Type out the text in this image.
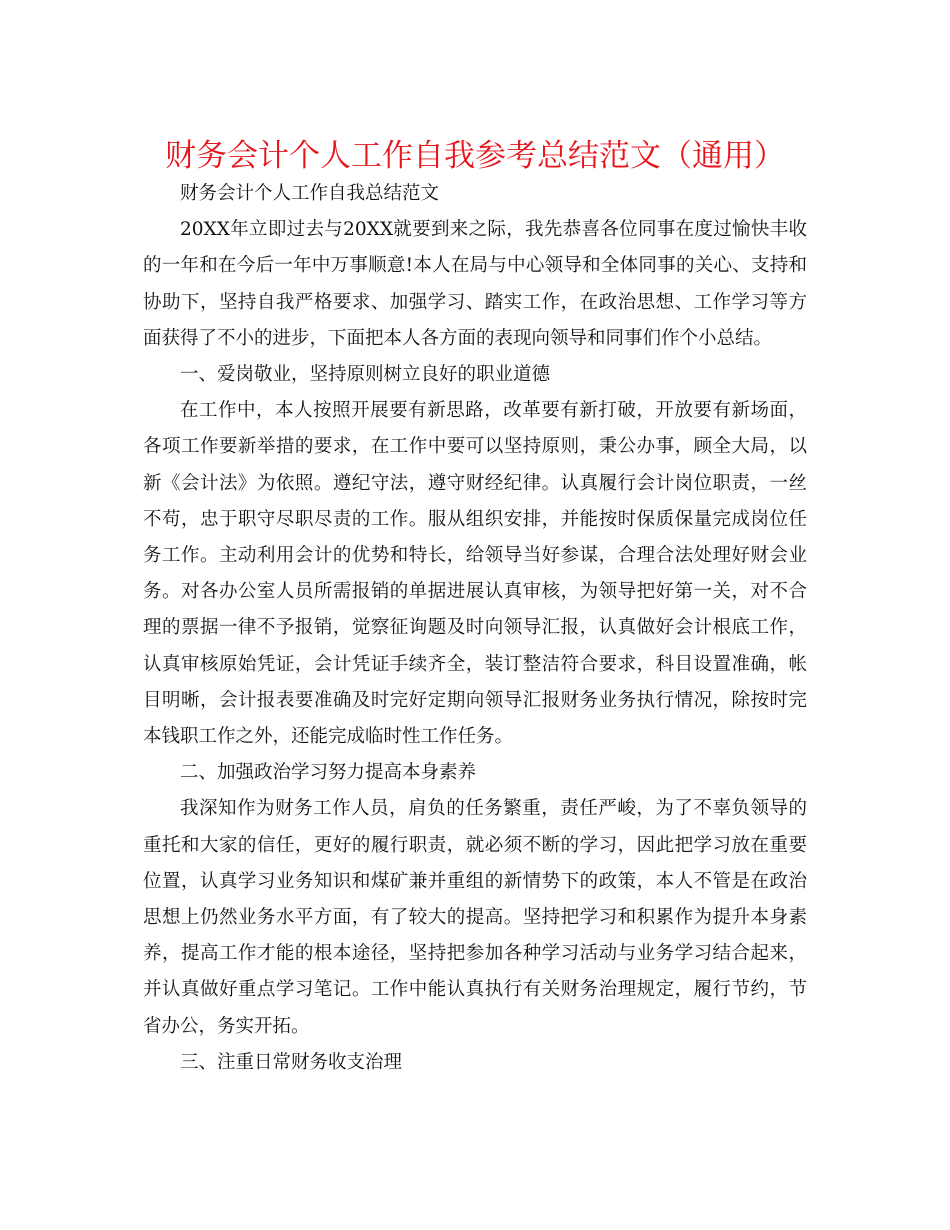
财务会计个人工作自我参考总结范文（通用）

财务会计个人工作自我总结范文

20XX年立即过去与20XX就要到来之际，我先恭喜各位同事在度过愉快丰收的一年和在今后一年中万事顺意!本人在局与中心领导和全体同事的关心、支持和协助下，坚持自我严格要求、加强学习、踏实工作，在政治思想、工作学习等方面获得了不小的进步，下面把本人各方面的表现向领导和同事们作个小总结。

一、爱岗敬业，坚持原则树立良好的职业道德

在工作中，本人按照开展要有新思路，改革要有新打破，开放要有新场面，各项工作要新举措的要求，在工作中要可以坚持原则，秉公办事，顾全大局，以新《会计法》为依照。遵纪守法，遵守财经纪律。认真履行会计岗位职责，一丝不苟，忠于职守尽职尽责的工作。服从组织安排，并能按时保质保量完成岗位任务工作。主动利用会计的优势和特长，给领导当好参谋，合理合法处理好财会业务。对各办公室人员所需报销的单据进展认真审核，为领导把好第一关，对不合理的票据一律不予报销，觉察征询题及时向领导汇报，认真做好会计根底工作，认真审核原始凭证，会计凭证手续齐全，装订整洁符合要求，科目设置准确，帐目明晰，会计报表要准确及时完好定期向领导汇报财务业务执行情况，除按时完本钱职工作之外，还能完成临时性工作任务。

二、加强政治学习努力提高本身素养

我深知作为财务工作人员，肩负的任务繁重，责任严峻，为了不辜负领导的重托和大家的信任，更好的履行职责，就必须不断的学习，因此把学习放在重要位置，认真学习业务知识和煤矿兼并重组的新情势下的政策，本人不管是在政治思想上仍然业务水平方面，有了较大的提高。坚持把学习和积累作为提升本身素养，提高工作才能的根本途径，坚持把参加各种学习活动与业务学习结合起来，并认真做好重点学习笔记。工作中能认真执行有关财务治理规定，履行节约，节省办公，务实开拓。

三、注重日常财务收支治理
